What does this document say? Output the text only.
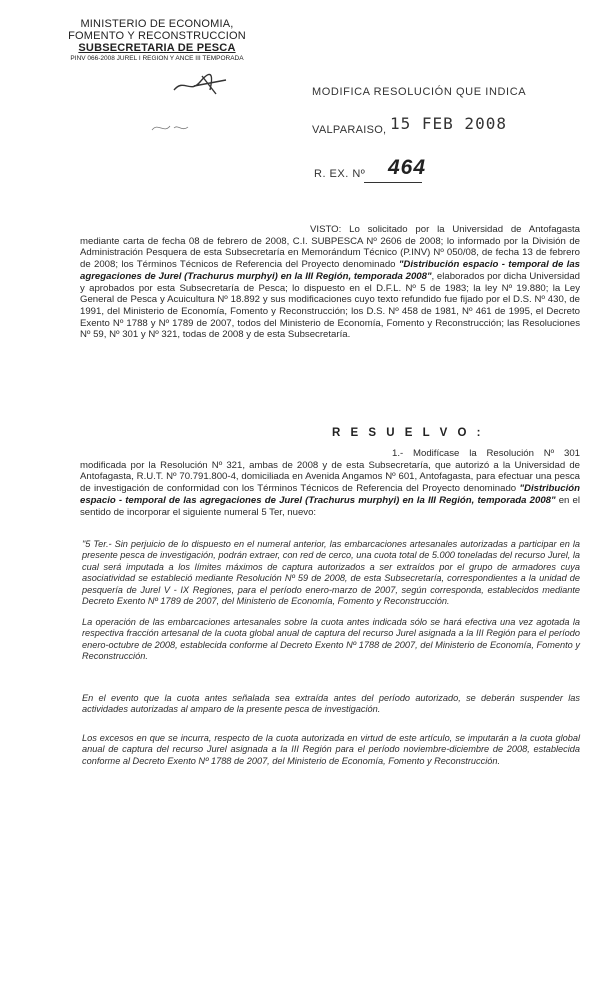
MINISTERIO DE ECONOMIA,
FOMENTO Y RECONSTRUCCION
SUBSECRETARIA DE PESCA
PINV 066-2008 JUREL I REGION Y ANCE III TEMPORADA
MODIFICA RESOLUCIÓN QUE INDICA
VALPARAISO, 15 FEB 2008
R. EX. Nº 464
VISTO: Lo solicitado por la Universidad de Antofagasta mediante carta de fecha 08 de febrero de 2008, C.I. SUBPESCA Nº 2606 de 2008; lo informado por la División de Administración Pesquera de esta Subsecretaría en Memorándum Técnico (P.INV) Nº 050/08, de fecha 13 de febrero de 2008; los Términos Técnicos de Referencia del Proyecto denominado "Distribución espacio - temporal de las agregaciones de Jurel (Trachurus murphyi) en la III Región, temporada 2008", elaborados por dicha Universidad y aprobados por esta Subsecretaría de Pesca; lo dispuesto en el D.F.L. Nº 5 de 1983; la ley Nº 19.880; la Ley General de Pesca y Acuicultura Nº 18.892 y sus modificaciones cuyo texto refundido fue fijado por el D.S. Nº 430, de 1991, del Ministerio de Economía, Fomento y Reconstrucción; los D.S. Nº 458 de 1981, Nº 461 de 1995, el Decreto Exento Nº 1788 y Nº 1789 de 2007, todos del Ministerio de Economía, Fomento y Reconstrucción; las Resoluciones Nº 59, Nº 301 y Nº 321, todas de 2008 y de esta Subsecretaría.
R E S U E L V O :
1.- Modifícase la Resolución Nº 301 modificada por la Resolución Nº 321, ambas de 2008 y de esta Subsecretaría, que autorizó a la Universidad de Antofagasta, R.U.T. Nº 70.791.800-4, domiciliada en Avenida Angamos Nº 601, Antofagasta, para efectuar una pesca de investigación de conformidad con los Términos Técnicos de Referencia del Proyecto denominado "Distribución espacio - temporal de las agregaciones de Jurel (Trachurus murphyi) en la III Región, temporada 2008" en el sentido de incorporar el siguiente numeral 5 Ter, nuevo:
"5 Ter.- Sin perjuicio de lo dispuesto en el numeral anterior, las embarcaciones artesanales autorizadas a participar en la presente pesca de investigación, podrán extraer, con red de cerco, una cuota total de 5.000 toneladas del recurso Jurel, la cual será imputada a los límites máximos de captura autorizados a ser extraídos por el grupo de armadores cuya asociatividad se estableció mediante Resolución Nº 59 de 2008, de esta Subsecretaría, correspondientes a la unidad de pesquería de Jurel V - IX Regiones, para el período enero-marzo de 2007, según corresponda, establecidos mediante Decreto Exento Nº 1789 de 2007, del Ministerio de Economía, Fomento y Reconstrucción.
La operación de las embarcaciones artesanales sobre la cuota antes indicada sólo se hará efectiva una vez agotada la respectiva fracción artesanal de la cuota global anual de captura del recurso Jurel asignada a la III Región para el período enero-octubre de 2008, establecida conforme al Decreto Exento Nº 1788 de 2007, del Ministerio de Economía, Fomento y Reconstrucción.
En el evento que la cuota antes señalada sea extraída antes del período autorizado, se deberán suspender las actividades autorizadas al amparo de la presente pesca de investigación.
Los excesos en que se incurra, respecto de la cuota autorizada en virtud de este artículo, se imputarán a la cuota global anual de captura del recurso Jurel asignada a la III Región para el período noviembre-diciembre de 2008, establecida conforme al Decreto Exento Nº 1788 de 2007, del Ministerio de Economía, Fomento y Reconstrucción.
